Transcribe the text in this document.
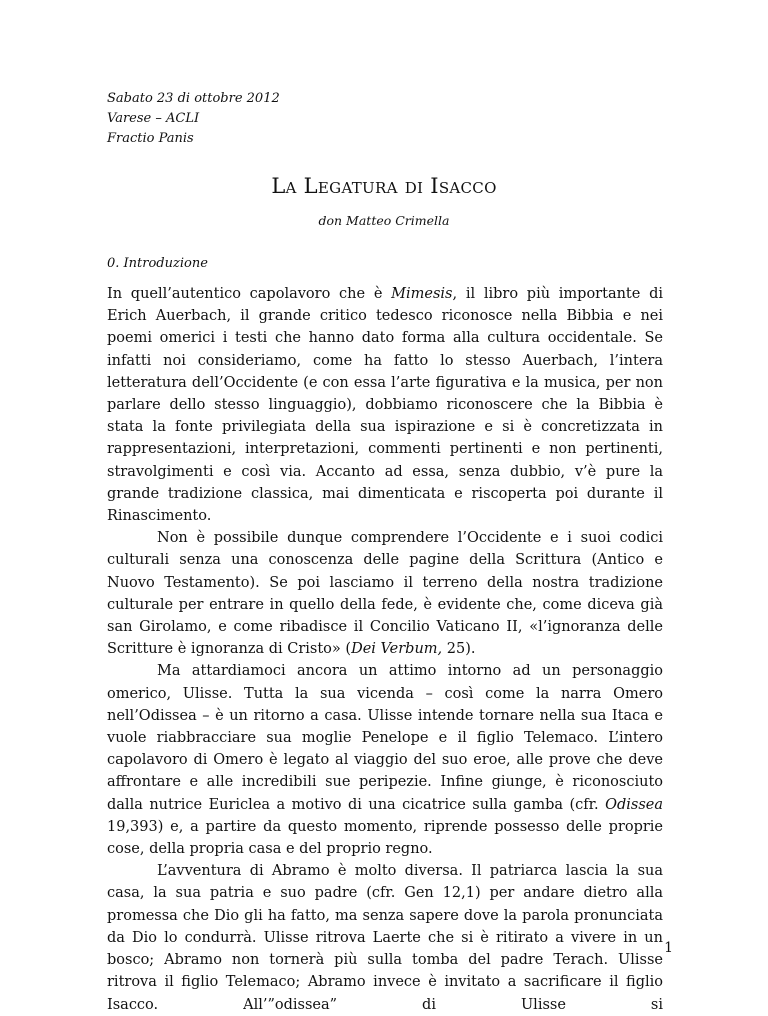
Sabato 23 di ottobre 2012
Varese – ACLI
Fractio Panis
La Legatura di Isacco
don Matteo Crimella
0. Introduzione

In quell’autentico capolavoro che è Mimesis, il libro più importante di Erich Auerbach, il grande critico tedesco riconosce nella Bibbia e nei poemi omerici i testi che hanno dato forma alla cultura occidentale. Se infatti noi consideriamo, come ha fatto lo stesso Auerbach, l’intera letteratura dell’Occidente (e con essa l’arte figurativa e la musica, per non parlare dello stesso linguaggio), dobbiamo riconoscere che la Bibbia è stata la fonte privilegiata della sua ispirazione e si è concretizzata in rappresentazioni, interpretazioni, commenti pertinenti e non pertinenti, stravolgimenti e così via. Accanto ad essa, senza dubbio, v’è pure la grande tradizione classica, mai dimenticata e riscoperta poi durante il Rinascimento.

Non è possibile dunque comprendere l’Occidente e i suoi codici culturali senza una conoscenza delle pagine della Scrittura (Antico e Nuovo Testamento). Se poi lasciamo il terreno della nostra tradizione culturale per entrare in quello della fede, è evidente che, come diceva già san Girolamo, e come ribadisce il Concilio Vaticano II, «l’ignoranza delle Scritture è ignoranza di Cristo» (Dei Verbum, 25).

Ma attardiamoci ancora un attimo intorno ad un personaggio omerico, Ulisse. Tutta la sua vicenda – così come la narra Omero nell’Odissea – è un ritorno a casa. Ulisse intende tornare nella sua Itaca e vuole riabbracciare sua moglie Penelope e il figlio Telemaco. L’intero capolavoro di Omero è legato al viaggio del suo eroe, alle prove che deve affrontare e alle incredibili sue peripezie. Infine giunge, è riconosciuto dalla nutrice Euriclea a motivo di una cicatrice sulla gamba (cfr. Odissea 19,393) e, a partire da questo momento, riprende possesso delle proprie cose, della propria casa e del proprio regno.

L’avventura di Abramo è molto diversa. Il patriarca lascia la sua casa, la sua patria e suo padre (cfr. Gen 12,1) per andare dietro alla promessa che Dio gli ha fatto, ma senza sapere dove la parola pronunciata da Dio lo condurrà. Ulisse ritrova Laerte che si è ritirato a vivere in un bosco; Abramo non tornerà più sulla tomba del padre Terach. Ulisse ritrova il figlio Telemaco; Abramo invece è invitato a sacrificare il figlio Isacco. All’”odissea” di Ulisse si

1
